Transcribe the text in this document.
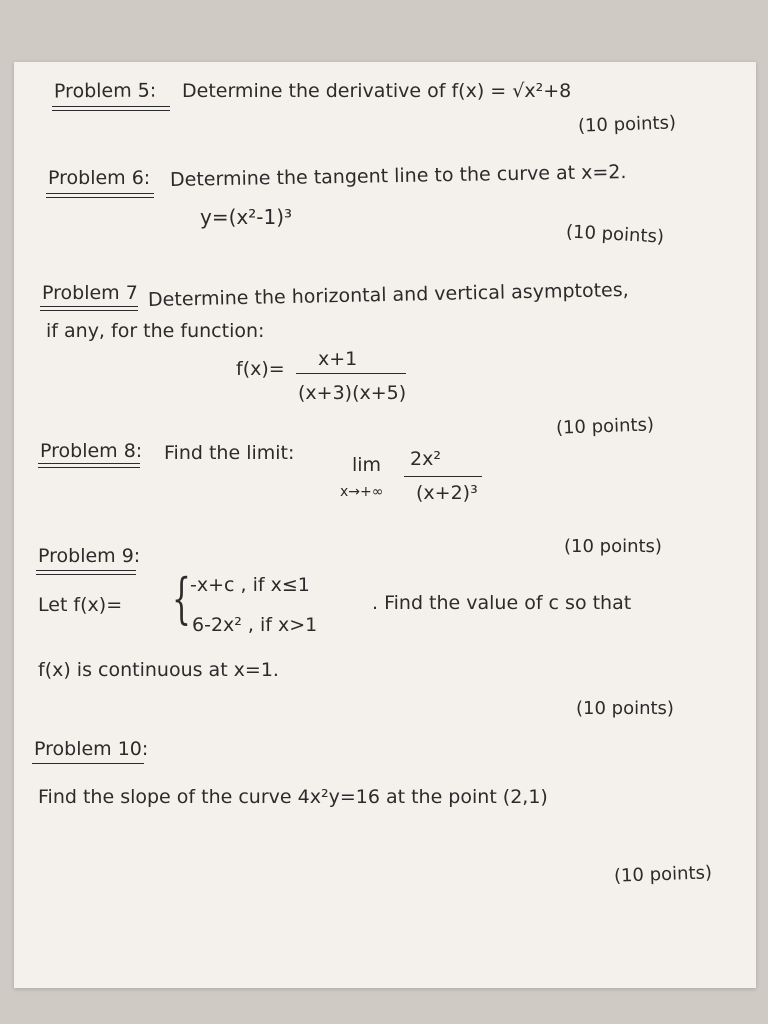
Problem 5: Determine the derivative of f(x) = √x²+8
(10 points)
Problem 6: Determine the tangent line to the curve at x=2.
y=(x²-1)³
(10 points)
Problem 7 Determine the horizontal and vertical asymptotes,
if any, for the function:
f(x)= x+1
(x+3)(x+5)
(10 points)
Problem 8: Find the limit:
lim
x→+∞
2x²
(x+2)³
(10 points)
Problem 9:
Let f(x)= { -x+c , if x≤1
6-2x² , if x>1
. Find the value of c so that
f(x) is continuous at x=1.
(10 points)
Problem 10:
Find the slope of the curve 4x²y=16 at the point (2,1)
(10 points)
